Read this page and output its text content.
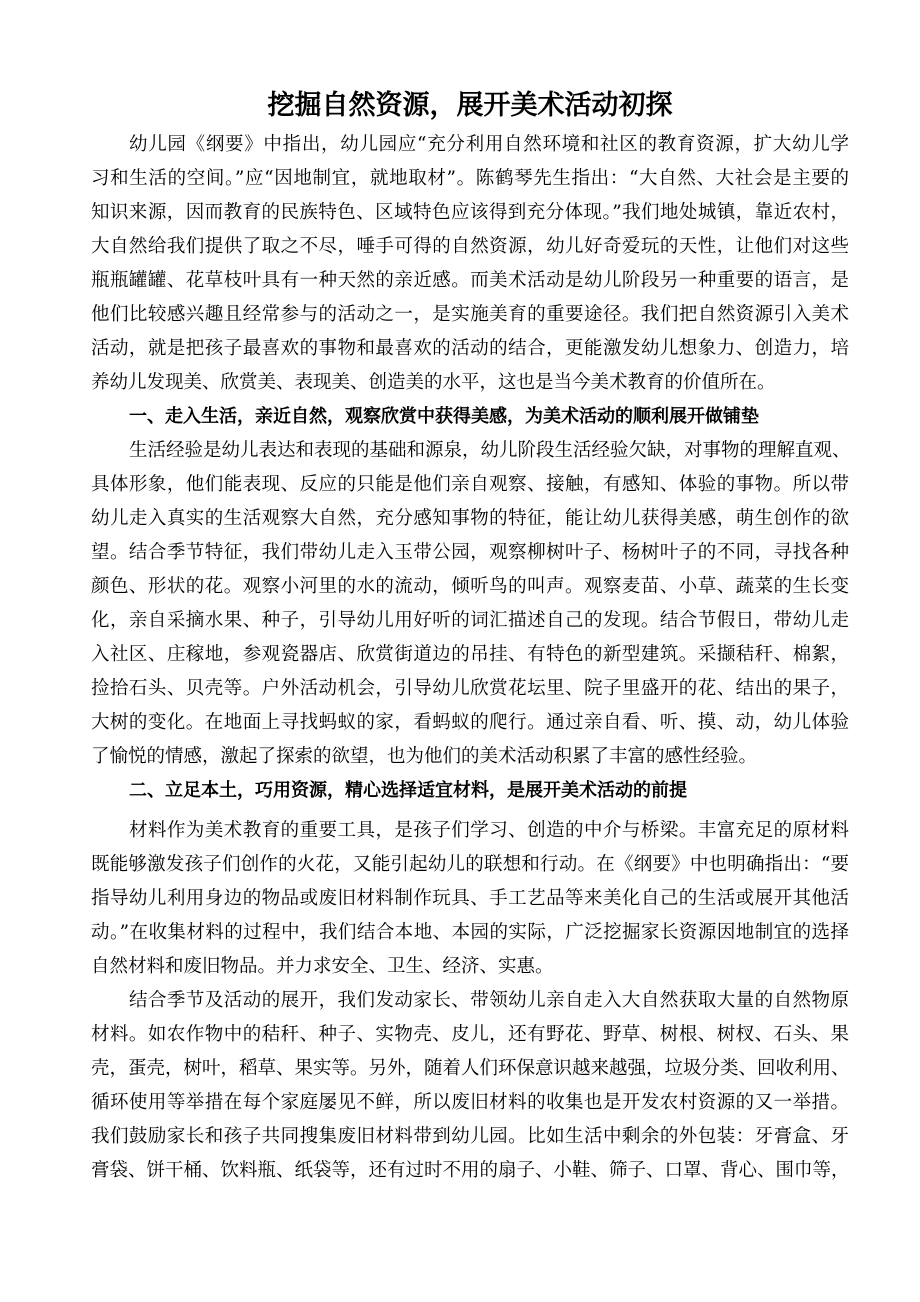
挖掘自然资源，展开美术活动初探
幼儿园《纲要》中指出，幼儿园应“充分利用自然环境和社区的教育资源，扩大幼儿学
习和生活的空间。”应“因地制宜，就地取材”。陈鹤琴先生指出：“大自然、大社会是主要的
知识来源，因而教育的民族特色、区域特色应该得到充分体现。”我们地处城镇，靠近农村，
大自然给我们提供了取之不尽，唾手可得的自然资源，幼儿好奇爱玩的天性，让他们对这些
瓶瓶罐罐、花草枝叶具有一种天然的亲近感。而美术活动是幼儿阶段另一种重要的语言，是
他们比较感兴趣且经常参与的活动之一，是实施美育的重要途径。我们把自然资源引入美术
活动，就是把孩子最喜欢的事物和最喜欢的活动的结合，更能激发幼儿想象力、创造力，培
养幼儿发现美、欣赏美、表现美、创造美的水平，这也是当今美术教育的价值所在。
一、走入生活，亲近自然，观察欣赏中获得美感，为美术活动的顺利展开做铺垫
生活经验是幼儿表达和表现的基础和源泉，幼儿阶段生活经验欠缺，对事物的理解直观、
具体形象，他们能表现、反应的只能是他们亲自观察、接触，有感知、体验的事物。所以带
幼儿走入真实的生活观察大自然，充分感知事物的特征，能让幼儿获得美感，萌生创作的欲
望。结合季节特征，我们带幼儿走入玉带公园，观察柳树叶子、杨树叶子的不同，寻找各种
颜色、形状的花。观察小河里的水的流动，倾听鸟的叫声。观察麦苗、小草、蔬菜的生长变
化，亲自采摘水果、种子，引导幼儿用好听的词汇描述自己的发现。结合节假日，带幼儿走
入社区、庄稼地，参观瓷器店、欣赏街道边的吊挂、有特色的新型建筑。采撷秸秆、棉絮，
捡拾石头、贝壳等。户外活动机会，引导幼儿欣赏花坛里、院子里盛开的花、结出的果子，
大树的变化。在地面上寻找蚂蚁的家，看蚂蚁的爬行。通过亲自看、听、摸、动，幼儿体验
了愉悦的情感，激起了探索的欲望，也为他们的美术活动积累了丰富的感性经验。
二、立足本土，巧用资源，精心选择适宜材料，是展开美术活动的前提
材料作为美术教育的重要工具，是孩子们学习、创造的中介与桥梁。丰富充足的原材料
既能够激发孩子们创作的火花，又能引起幼儿的联想和行动。在《纲要》中也明确指出：“要
指导幼儿利用身边的物品或废旧材料制作玩具、手工艺品等来美化自己的生活或展开其他活
动。”在收集材料的过程中，我们结合本地、本园的实际，广泛挖掘家长资源因地制宜的选择
自然材料和废旧物品。并力求安全、卫生、经济、实惠。
结合季节及活动的展开，我们发动家长、带领幼儿亲自走入大自然获取大量的自然物原
材料。如农作物中的秸秆、种子、实物壳、皮儿，还有野花、野草、树根、树杈、石头、果
壳，蛋壳，树叶，稻草、果实等。另外，随着人们环保意识越来越强，垃圾分类、回收利用、
循环使用等举措在每个家庭屡见不鲜，所以废旧材料的收集也是开发农村资源的又一举措。
我们鼓励家长和孩子共同搜集废旧材料带到幼儿园。比如生活中剩余的外包装：牙膏盒、牙
膏袋、饼干桶、饮料瓶、纸袋等，还有过时不用的扇子、小鞋、筛子、口罩、背心、围巾等，
